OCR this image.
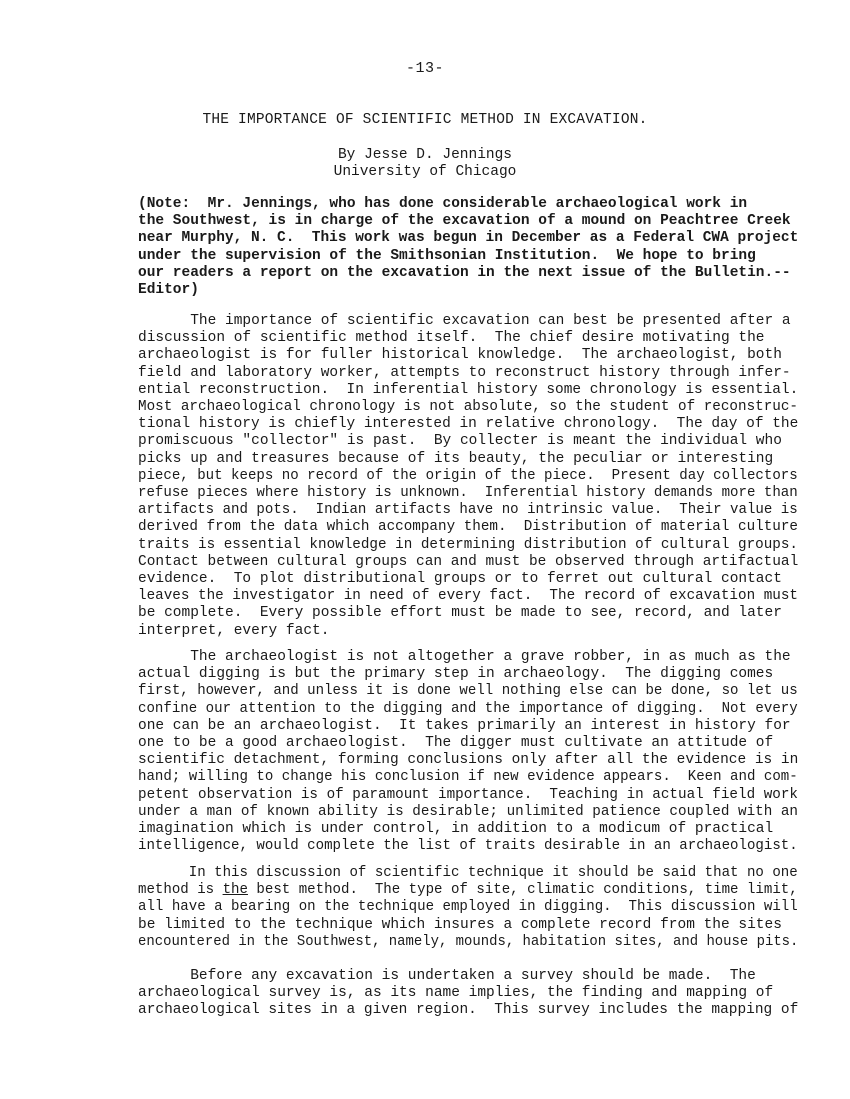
-13-
THE IMPORTANCE OF SCIENTIFIC METHOD IN EXCAVATION.
By Jesse D. Jennings
University of Chicago
(Note:  Mr. Jennings, who has done considerable archaeological work in
the Southwest, is in charge of the excavation of a mound on Peachtree Creek
near Murphy, N. C.  This work was begun in December as a Federal CWA project
under the supervision of the Smithsonian Institution.  We hope to bring
our readers a report on the excavation in the next issue of the Bulletin.--
Editor)
The importance of scientific excavation can best be presented after a
discussion of scientific method itself.  The chief desire motivating the
archaeologist is for fuller historical knowledge.  The archaeologist, both
field and laboratory worker, attempts to reconstruct history through infer-
ential reconstruction.  In inferential history some chronology is essential.
Most archaeological chronology is not absolute, so the student of reconstruc-
tional history is chiefly interested in relative chronology.  The day of the
promiscuous "collector" is past.  By collecter is meant the individual who
picks up and treasures because of its beauty, the peculiar or interesting
piece, but keeps no record of the origin of the piece.  Present day collectors
refuse pieces where history is unknown.  Inferential history demands more than
artifacts and pots.  Indian artifacts have no intrinsic value.  Their value is
derived from the data which accompany them.  Distribution of material culture
traits is essential knowledge in determining distribution of cultural groups.
Contact between cultural groups can and must be observed through artifactual
evidence.  To plot distributional groups or to ferret out cultural contact
leaves the investigator in need of every fact.  The record of excavation must
be complete.  Every possible effort must be made to see, record, and later
interpret, every fact.
The archaeologist is not altogether a grave robber, in as much as the
actual digging is but the primary step in archaeology.  The digging comes
first, however, and unless it is done well nothing else can be done, so let us
confine our attention to the digging and the importance of digging.  Not every
one can be an archaeologist.  It takes primarily an interest in history for
one to be a good archaeologist.  The digger must cultivate an attitude of
scientific detachment, forming conclusions only after all the evidence is in
hand; willing to change his conclusion if new evidence appears.  Keen and com-
petent observation is of paramount importance.  Teaching in actual field work
under a man of known ability is desirable; unlimited patience coupled with an
imagination which is under control, in addition to a modicum of practical
intelligence, would complete the list of traits desirable in an archaeologist.
In this discussion of scientific technique it should be said that no one
method is the best method.  The type of site, climatic conditions, time limit,
all have a bearing on the technique employed in digging.  This discussion will
be limited to the technique which insures a complete record from the sites
encountered in the Southwest, namely, mounds, habitation sites, and house pits.
Before any excavation is undertaken a survey should be made.  The
archaeological survey is, as its name implies, the finding and mapping of
archaeological sites in a given region.  This survey includes the mapping of
